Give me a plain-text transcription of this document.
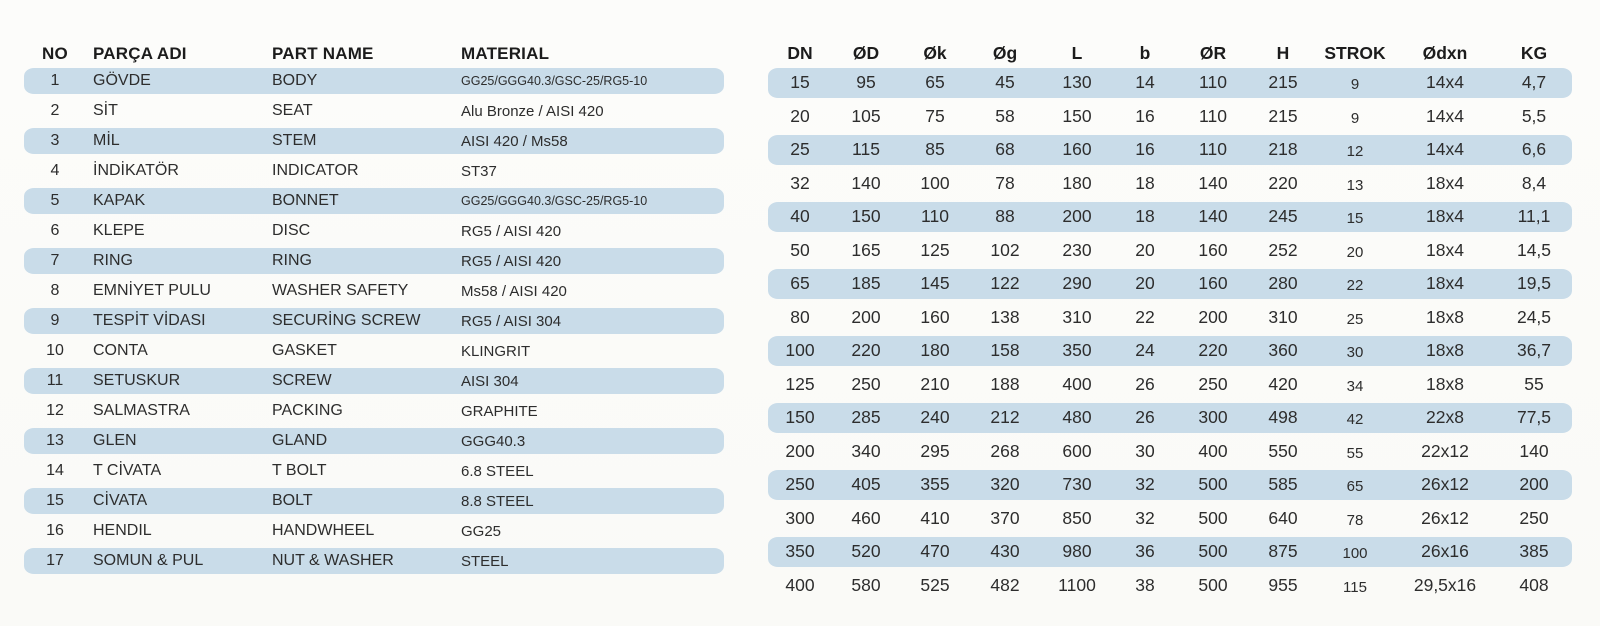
NO	PARÇA ADI	PART NAME	MATERIAL
1	GÖVDE	BODY	GG25/GGG40.3/GSC-25/RG5-10
2	SİT	SEAT	Alu Bronze / AISI 420
3	MİL	STEM	AISI 420 / Ms58
4	İNDİKATÖR	INDICATOR	ST37
5	KAPAK	BONNET	GG25/GGG40.3/GSC-25/RG5-10
6	KLEPE	DISC	RG5 / AISI 420
7	RING	RING	RG5 / AISI 420
8	EMNİYET PULU	WASHER SAFETY	Ms58 / AISI 420
9	TESPİT VİDASI	SECURİNG SCREW	RG5 / AISI 304
10	CONTA	GASKET	KLINGRIT
11	SETUSKUR	SCREW	AISI 304
12	SALMASTRA	PACKING	GRAPHITE
13	GLEN	GLAND	GGG40.3
14	T CİVATA	T BOLT	6.8 STEEL
15	CİVATA	BOLT	8.8 STEEL
16	HENDIL	HANDWHEEL	GG25
17	SOMUN & PUL	NUT & WASHER	STEEL
DN	ØD	Øk	Øg	L	b	ØR	H	STROK	Ødxn	KG
15	95	65	45	130	14	110	215	9	14x4	4,7
20	105	75	58	150	16	110	215	9	14x4	5,5
25	115	85	68	160	16	110	218	12	14x4	6,6
32	140	100	78	180	18	140	220	13	18x4	8,4
40	150	110	88	200	18	140	245	15	18x4	11,1
50	165	125	102	230	20	160	252	20	18x4	14,5
65	185	145	122	290	20	160	280	22	18x4	19,5
80	200	160	138	310	22	200	310	25	18x8	24,5
100	220	180	158	350	24	220	360	30	18x8	36,7
125	250	210	188	400	26	250	420	34	18x8	55
150	285	240	212	480	26	300	498	42	22x8	77,5
200	340	295	268	600	30	400	550	55	22x12	140
250	405	355	320	730	32	500	585	65	26x12	200
300	460	410	370	850	32	500	640	78	26x12	250
350	520	470	430	980	36	500	875	100	26x16	385
400	580	525	482	1100	38	500	955	115	29,5x16	408
